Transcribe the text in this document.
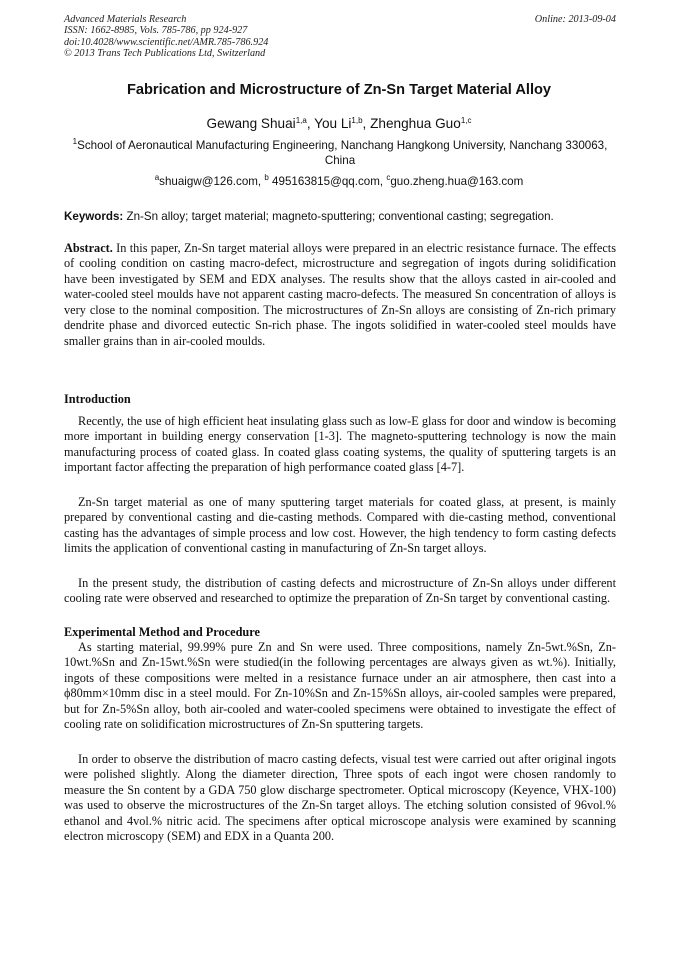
Advanced Materials Research
ISSN: 1662-8985, Vols. 785-786, pp 924-927
doi:10.4028/www.scientific.net/AMR.785-786.924
© 2013 Trans Tech Publications Ltd, Switzerland
Online: 2013-09-04
Fabrication and Microstructure of Zn-Sn Target Material Alloy
Gewang Shuai$^{1,a}$, You Li$^{1,b}$, Zhenghua Guo$^{1,c}$
$^1$School of Aeronautical Manufacturing Engineering, Nanchang Hangkong University, Nanchang 330063, China
$^a$shuaigw@126.com, $^b$ 495163815@qq.com, $^c$guo.zheng.hua@163.com
Keywords: Zn-Sn alloy; target material; magneto-sputtering; conventional casting; segregation.

Abstract. In this paper, Zn-Sn target material alloys were prepared in an electric resistance furnace. The effects of cooling condition on casting macro-defect, microstructure and segregation of ingots during solidification have been investigated by SEM and EDX analyses. The results show that the alloys casted in air-cooled and water-cooled steel moulds have not apparent casting macro-defects. The measured Sn concentration of alloys is very close to the nominal composition. The microstructures of Zn-Sn alloys are consisting of Zn-rich primary dendrite phase and divorced eutectic Sn-rich phase. The ingots solidified in water-cooled steel moulds have smaller grains than in air-cooled moulds.

Introduction

Recently, the use of high efficient heat insulating glass such as low-E glass for door and window is becoming more important in building energy conservation [1-3]. The magneto-sputtering technology is now the main manufacturing process of coated glass. In coated glass coating systems, the quality of sputtering targets is an important factor affecting the preparation of high performance coated glass [4-7].

Zn-Sn target material as one of many sputtering target materials for coated glass, at present, is mainly prepared by conventional casting and die-casting methods. Compared with die-casting method, conventional casting has the advantages of simple process and low cost. However, the high tendency to form casting defects limits the application of conventional casting in manufacturing of Zn-Sn target alloys.

In the present study, the distribution of casting defects and microstructure of Zn-Sn alloys under different cooling rate were observed and researched to optimize the preparation of Zn-Sn target by conventional casting.

Experimental Method and Procedure

As starting material, 99.99% pure Zn and Sn were used. Three compositions, namely Zn-5wt.%Sn, Zn-10wt.%Sn and Zn-15wt.%Sn were studied(in the following percentages are always given as wt.%). Initially, ingots of these compositions were melted in a resistance furnace under an air atmosphere, then cast into a ϕ80mm×10mm disc in a steel mould. For Zn-10%Sn and Zn-15%Sn alloys, air-cooled samples were prepared, but for Zn-5%Sn alloy, both air-cooled and water-cooled specimens were obtained to investigate the effect of cooling rate on solidification microstructures of Zn-Sn sputtering targets.

In order to observe the distribution of macro casting defects, visual test were carried out after original ingots were polished slightly. Along the diameter direction, Three spots of each ingot were chosen randomly to measure the Sn content by a GDA 750 glow discharge spectrometer. Optical microscopy (Keyence, VHX-100) was used to observe the microstructures of the Zn-Sn target alloys. The etching solution consisted of 96vol.% ethanol and 4vol.% nitric acid. The specimens after optical microscope analysis were examined by scanning electron microscopy (SEM) and EDX in a Quanta 200.
